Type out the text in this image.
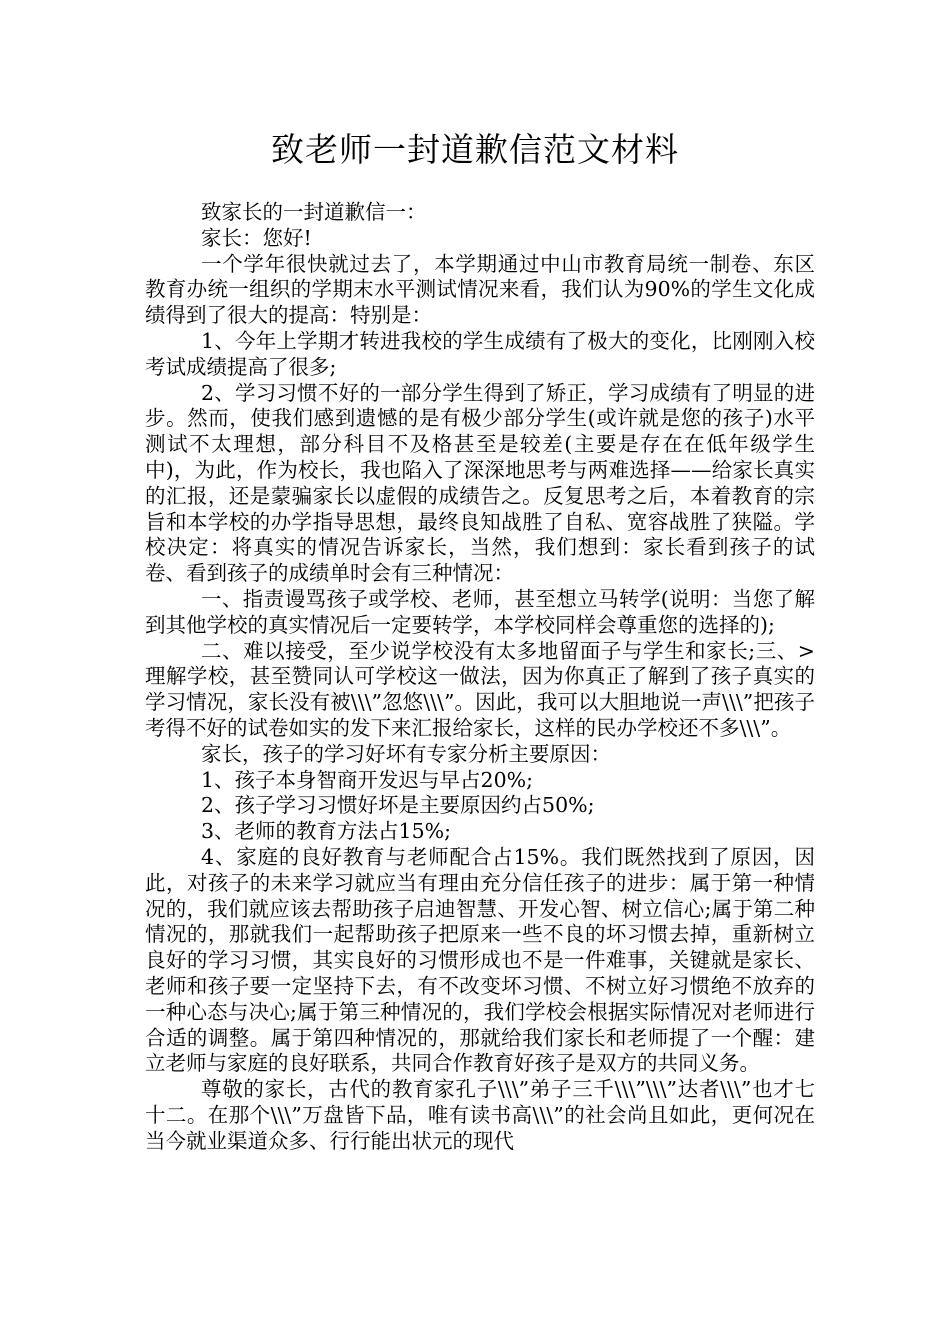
致老师一封道歉信范文材料

致家长的一封道歉信一：

家长：您好!

一个学年很快就过去了，本学期通过中山市教育局统一制卷、东区教育办统一组织的学期末水平测试情况来看，我们认为90%的学生文化成绩得到了很大的提高：特别是：

1、今年上学期才转进我校的学生成绩有了极大的变化，比刚刚入校考试成绩提高了很多;

2、学习习惯不好的一部分学生得到了矫正，学习成绩有了明显的进步。然而，使我们感到遗憾的是有极少部分学生(或许就是您的孩子)水平测试不太理想，部分科目不及格甚至是较差(主要是存在在低年级学生中)，为此，作为校长，我也陷入了深深地思考与两难选择——给家长真实的汇报，还是蒙骗家长以虚假的成绩告之。反复思考之后，本着教育的宗旨和本学校的办学指导思想，最终良知战胜了自私、宽容战胜了狭隘。学校决定：将真实的情况告诉家长，当然，我们想到：家长看到孩子的试卷、看到孩子的成绩单时会有三种情况：

一、指责谩骂孩子或学校、老师，甚至想立马转学(说明：当您了解到其他学校的真实情况后一定要转学，本学校同样会尊重您的选择的);

二、难以接受，至少说学校没有太多地留面子与学生和家长;三、>理解学校，甚至赞同认可学校这一做法，因为你真正了解到了孩子真实的学习情况，家长没有被\\\”忽悠\\\”。因此，我可以大胆地说一声\\\”把孩子考得不好的试卷如实的发下来汇报给家长，这样的民办学校还不多\\\”。

家长，孩子的学习好坏有专家分析主要原因：

1、孩子本身智商开发迟与早占20%;

2、孩子学习习惯好坏是主要原因约占50%;

3、老师的教育方法占15%;

4、家庭的良好教育与老师配合占15%。我们既然找到了原因，因此，对孩子的未来学习就应当有理由充分信任孩子的进步：属于第一种情况的，我们就应该去帮助孩子启迪智慧、开发心智、树立信心;属于第二种情况的，那就我们一起帮助孩子把原来一些不良的坏习惯去掉，重新树立良好的学习习惯，其实良好的习惯形成也不是一件难事，关键就是家长、老师和孩子要一定坚持下去，有不改变坏习惯、不树立好习惯绝不放弃的一种心态与决心;属于第三种情况的，我们学校会根据实际情况对老师进行合适的调整。属于第四种情况的，那就给我们家长和老师提了一个醒：建立老师与家庭的良好联系，共同合作教育好孩子是双方的共同义务。

尊敬的家长，古代的教育家孔子\\\”弟子三千\\\”\\\”达者\\\”也才七十二。在那个\\\”万盘皆下品，唯有读书高\\\”的社会尚且如此，更何况在当今就业渠道众多、行行能出状元的现代
